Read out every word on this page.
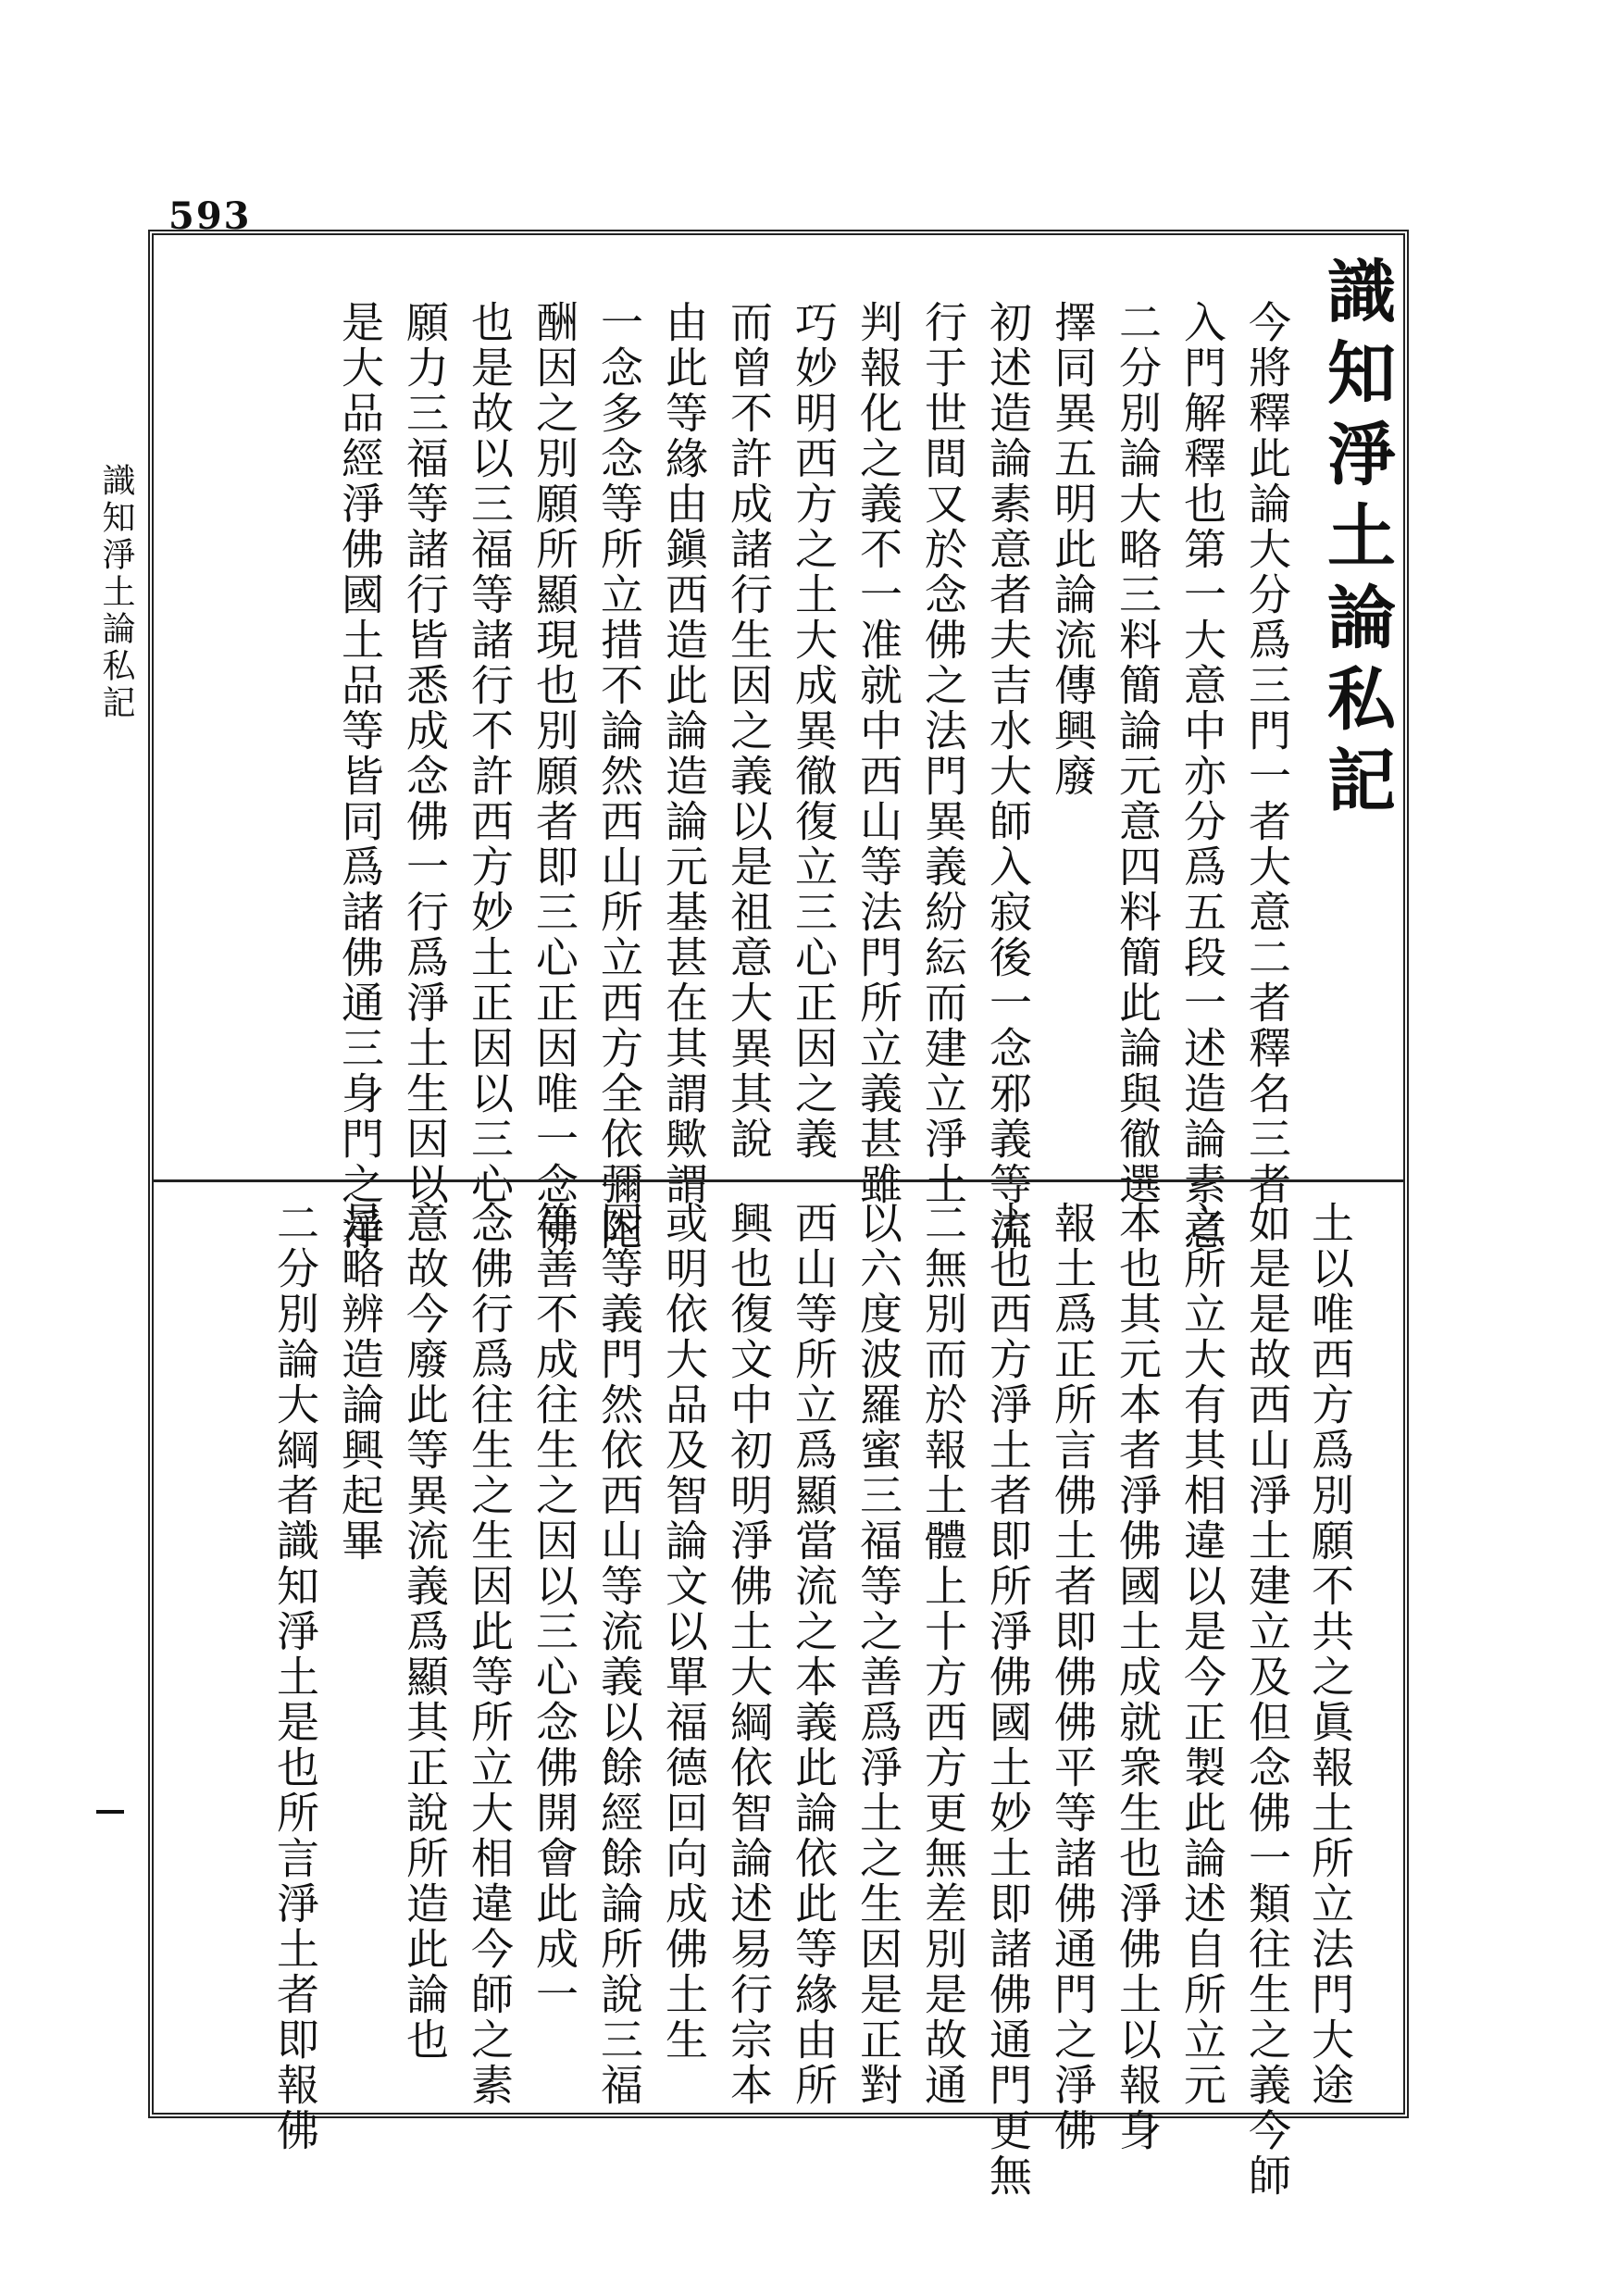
593
識知淨土論私記	識知淨土論私記
今將釋此論大分爲三門一者大意二者釋名三者
入門解釋也第一大意中亦分爲五段一述造論素意
二分別論大略三料簡論元意四料簡此論與徹選
擇同異五明此論流傳興廢
初述造論素意者夫吉水大師入寂後一念邪義等流
行于世間又於念佛之法門異義紛紜而建立淨土
判報化之義不一准就中西山等法門所立義甚雖
巧妙明西方之土大成異徹復立三心正因之義
而曾不許成諸行生因之義以是祖意大異其說
由此等緣由鎭西造此論造論元基甚在其謂歟謂
一念多念等所立措不論然西山所立西方全依彌陀
酬因之別願所顯現也別願者即三心正因唯一念佛
也是故以三福等諸行不許西方妙土正因以三心
願力三福等諸行皆悉成念佛一行爲淨土生因以
是大品經淨佛國土品等皆同爲諸佛通三身門之淨
土以唯西方爲別願不共之眞報土所立法門大途
如是是故西山淨土建立及但念佛一類往生之義今師
之所立大有其相違以是今正製此論述自所立元
本也其元本者淨佛國土成就衆生也淨佛土以報身
報土爲正所言佛土者即佛佛平等諸佛通門之淨佛
土也西方淨土者即所淨佛國土妙土即諸佛通門更無
二無別而於報土體上十方西方更無差別是故通
以六度波羅蜜三福等之善爲淨土之生因是正對
西山等所立爲顯當流之本義此論依此等緣由所
興也復文中初明淨佛土大綱依智論述易行宗本
或明依大品及智論文以單福德回向成佛土生
因等義門然依西山等流義以餘經餘論所說三福
等善不成往生之因以三心念佛開會此成一
念佛行爲往生之生因此等所立大相違今師之素
意故今廢此等異流義爲顯其正說所造此論也
是略辨造論興起畢
二分別論大綱者識知淨土是也所言淨土者即報佛
